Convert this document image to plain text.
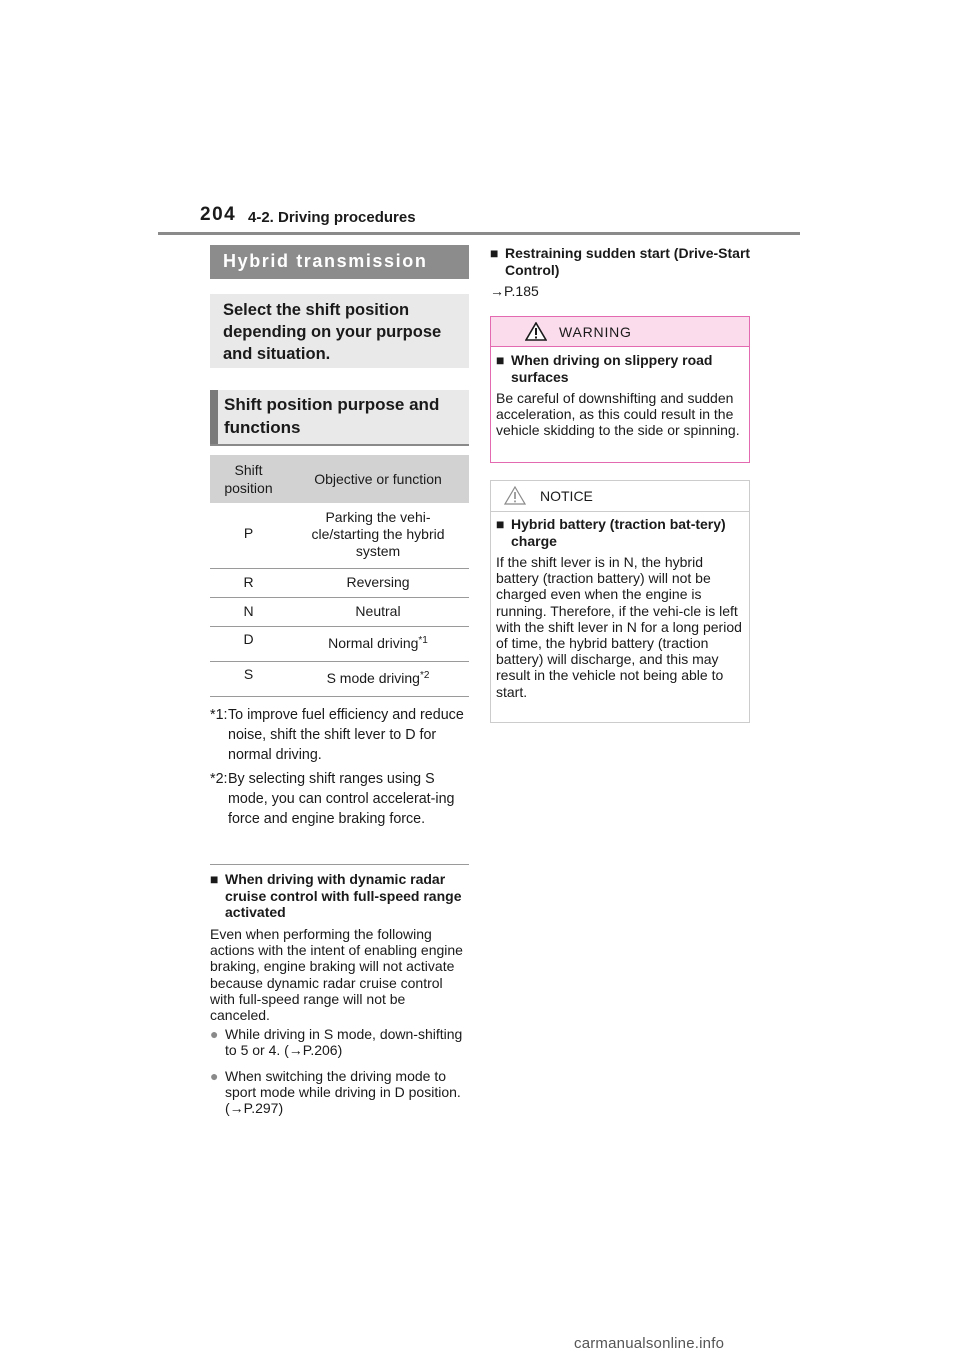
204 4-2. Driving procedures
Hybrid transmission
Select the shift position depending on your purpose and situation.
Shift position purpose and functions
Shift position	Objective or function
P	Parking the vehi-cle/starting the hybrid system
R	Reversing
N	Neutral
D	Normal driving$^{*1}$
S	S mode driving$^{*2}$
*1: To improve fuel efficiency and reduce noise, shift the shift lever to D for normal driving.
*2: By selecting shift ranges using S mode, you can control accelerat-ing force and engine braking force.
■ When driving with dynamic radar cruise control with full-speed range activated
Even when performing the following actions with the intent of enabling engine braking, engine braking will not activate because dynamic radar cruise control with full-speed range will not be canceled.
● While driving in S mode, down-shifting to 5 or 4. (→P.206)
● When switching the driving mode to sport mode while driving in D position. (→P.297)
■ Restraining sudden start (Drive-Start Control)
→P.185
WARNING
■ When driving on slippery road surfaces
Be careful of downshifting and sudden acceleration, as this could result in the vehicle skidding to the side or spinning.
NOTICE
■ Hybrid battery (traction bat-tery) charge
If the shift lever is in N, the hybrid battery (traction battery) will not be charged even when the engine is running. Therefore, if the vehi-cle is left with the shift lever in N for a long period of time, the hybrid battery (traction battery) will discharge, and this may result in the vehicle not being able to start.
carmanualsonline.info
